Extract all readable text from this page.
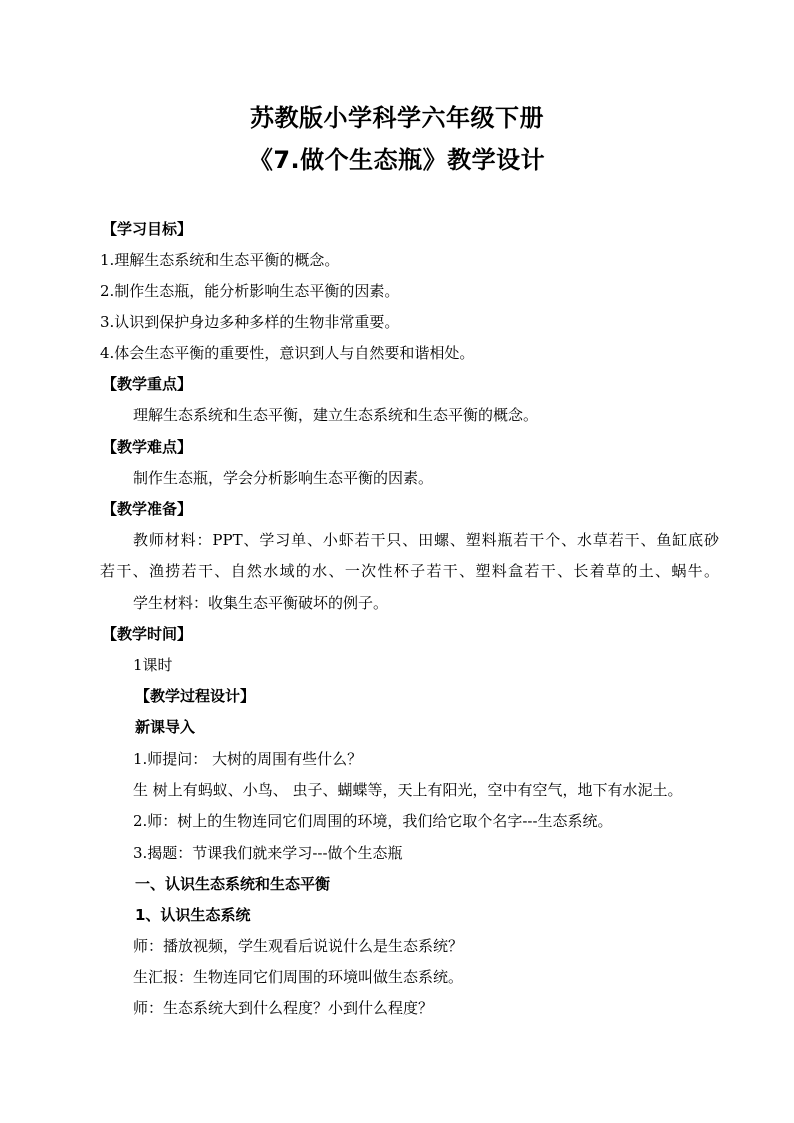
苏教版小学科学六年级下册
《7.做个生态瓶》教学设计
【学习目标】
1.理解生态系统和生态平衡的概念。
2.制作生态瓶，能分析影响生态平衡的因素。
3.认识到保护身边多种多样的生物非常重要。
4.体会生态平衡的重要性，意识到人与自然要和谐相处。
【教学重点】
理解生态系统和生态平衡，建立生态系统和生态平衡的概念。
【教学难点】
制作生态瓶，学会分析影响生态平衡的因素。
【教学准备】
教师材料：PPT、学习单、小虾若干只、田螺、塑料瓶若干个、水草若干、鱼缸底砂
若干、渔捞若干、自然水域的水、一次性杯子若干、塑料盒若干、长着草的土、蜗牛。
学生材料：收集生态平衡破坏的例子。
【教学时间】
1课时
【教学过程设计】
新课导入
1.师提问： 大树的周围有些什么？
生 树上有蚂蚁、小鸟、 虫子、蝴蝶等，天上有阳光，空中有空气，地下有水泥土。
2.师：树上的生物连同它们周围的环境，我们给它取个名字---生态系统。
3.揭题：节课我们就来学习---做个生态瓶
一、认识生态系统和生态平衡
1、认识生态系统
师：播放视频，学生观看后说说什么是生态系统？
生汇报：生物连同它们周围的环境叫做生态系统。
师：生态系统大到什么程度？小到什么程度？
